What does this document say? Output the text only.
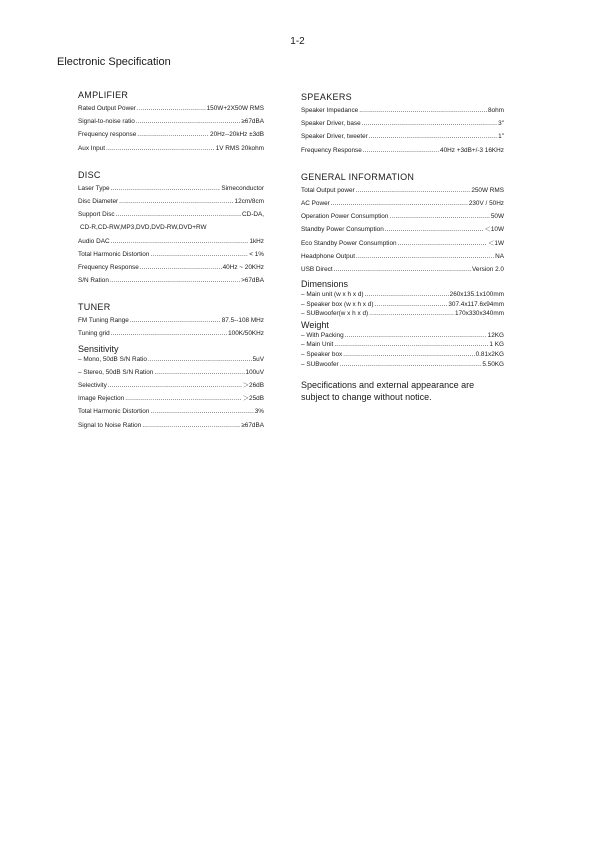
1-2
Electronic Specification
AMPLIFIER
Rated Output Power .....	150W+2X50W RMS
Signal-to-noise ratio .....	≥67dBA
Frequency response .....	20Hz--20kHz ±3dB
Aux Input .....	1V RMS 20kohm
DISC
Laser Type .....	Simeconductor
Disc Diameter .....	12cm/8cm
Support Disc .....	CD-DA,
CD-R,CD-RW,MP3,DVD,DVD-RW,DVD+RW
Audio DAC .....	1kHz
Total Harmonic Distortion .....	< 1%
Frequency Response .....	40Hz ~ 20KHz
S/N Ration .....	>67dBA
TUNER
FM Tuning Range .....	87.5--108 MHz
Tuning grid .....	100K/50KHz
Sensitivity
– Mono, 50dB S/N Ratio .....	5uV
– Stereo, 50dB S/N Ration .....	100uV
Selectivity .....	＞26dB
Image Rejection .....	＞25dB
Total Harmonic Distortion .....	3%
Signal to Noise Ration .....	≥67dBA
SPEAKERS
Speaker Impedance .....	8ohm
Speaker Driver, base .....	3"
Speaker Driver, tweeter .....	1"
Frequency Response .....	40Hz +3dB+/-3 16KHz
GENERAL INFORMATION
Total Output power .....	250W RMS
AC Power .....	230V / 50Hz
Operation Power Consumption .....	50W
Standby Power Consumption .....	＜10W
Eco Standby Power Consumption .....	＜1W
Headphone Output .....	NA
USB Direct .....	Version 2.0
Dimensions
– Main unit (w x h x d) .....	260x135.1x100mm
– Speaker box (w x h x d) .....	307.4x117.6x94mm
– SUBwoofer(w x h x d) .....	170x330x340mm
Weight
– With Packing .....	12KG
– Main Unit .....	1 KG
– Speaker box .....	0.81x2KG
– SUBwoofer .....	5.50KG
Specifications and external appearance are
subject to change without notice.
